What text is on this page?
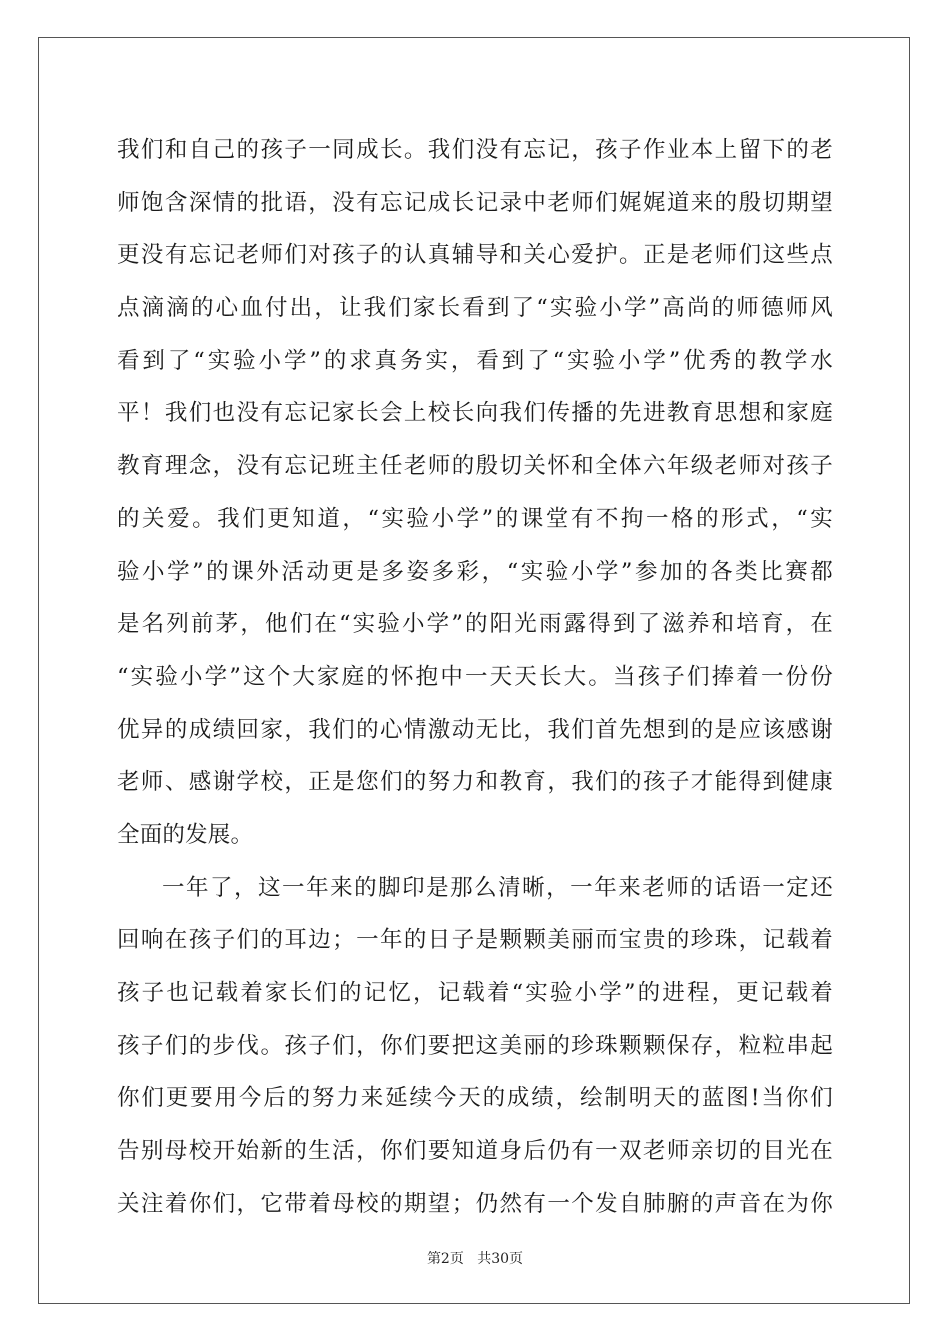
我们和自己的孩子一同成长。我们没有忘记，孩子作业本上留下的老
师饱含深情的批语，没有忘记成长记录中老师们娓娓道来的殷切期望
更没有忘记老师们对孩子的认真辅导和关心爱护。正是老师们这些点
点滴滴的心血付出，让我们家长看到了“实验小学”高尚的师德师风
看到了“实验小学”的求真务实，看到了“实验小学”优秀的教学水
平！我们也没有忘记家长会上校长向我们传播的先进教育思想和家庭
教育理念，没有忘记班主任老师的殷切关怀和全体六年级老师对孩子
的关爱。我们更知道，“实验小学”的课堂有不拘一格的形式，“实
验小学”的课外活动更是多姿多彩，“实验小学”参加的各类比赛都
是名列前茅，他们在“实验小学”的阳光雨露得到了滋养和培育，在
“实验小学”这个大家庭的怀抱中一天天长大。当孩子们捧着一份份
优异的成绩回家，我们的心情激动无比，我们首先想到的是应该感谢
老师、感谢学校，正是您们的努力和教育，我们的孩子才能得到健康
全面的发展。
一年了，这一年来的脚印是那么清晰，一年来老师的话语一定还
回响在孩子们的耳边；一年的日子是颗颗美丽而宝贵的珍珠，记载着
孩子也记载着家长们的记忆，记载着“实验小学”的进程，更记载着
孩子们的步伐。孩子们，你们要把这美丽的珍珠颗颗保存，粒粒串起
你们更要用今后的努力来延续今天的成绩，绘制明天的蓝图!当你们
告别母校开始新的生活，你们要知道身后仍有一双老师亲切的目光在
关注着你们，它带着母校的期望；仍然有一个发自肺腑的声音在为你
第2页 共30页
